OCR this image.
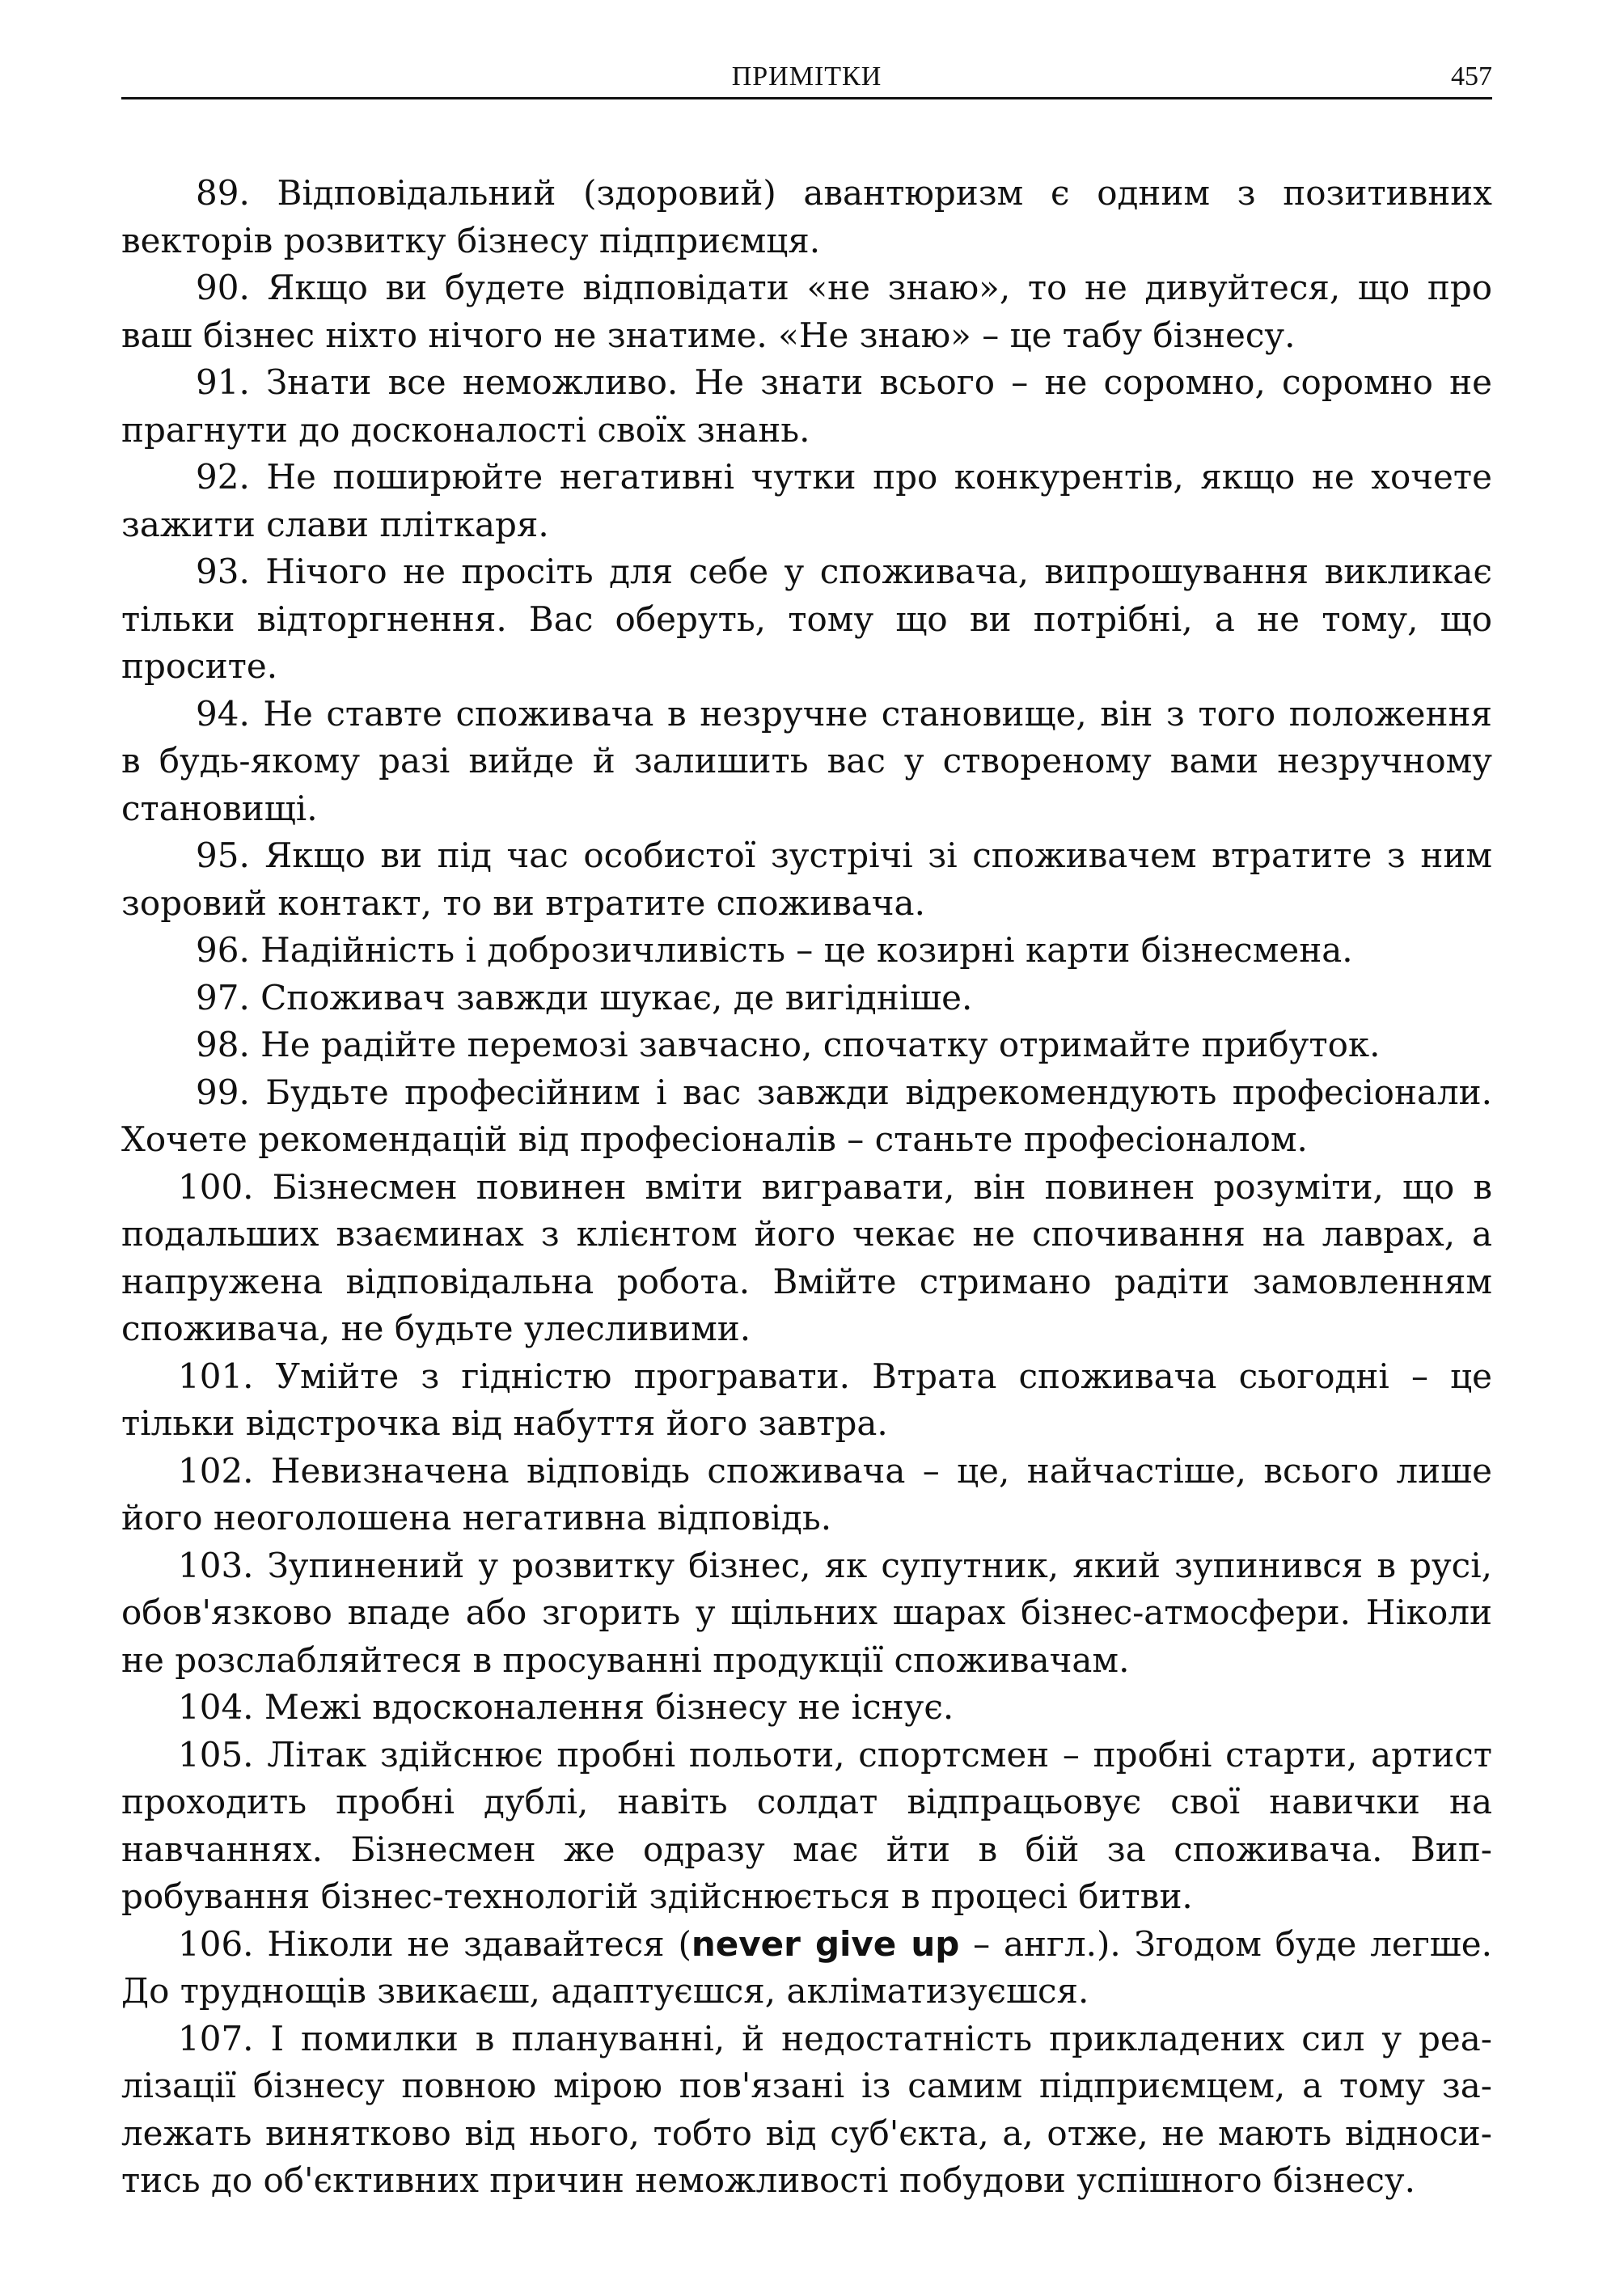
ПРИМІТКИ	457

89. Відповідальний (здоровий) авантюризм є одним з позитивних векторів розвитку бізнесу підприємця.

90. Якщо ви будете відповідати «не знаю», то не дивуйтеся, що про ваш бізнес ніхто нічого не знатиме. «Не знаю» – це табу бізнесу.

91. Знати все неможливо. Не знати всього – не соромно, соромно не прагнути до досконалості своїх знань.

92. Не поширюйте негативні чутки про конкурентів, якщо не хочете зажити слави пліткаря.

93. Нічого не просіть для себе у споживача, випрошування викликає тільки відторгнення. Вас оберуть, тому що ви потрібні, а не тому, що просите.

94. Не ставте споживача в незручне становище, він з того положення в будь-якому разі вийде й залишить вас у створеному вами незручному становищі.

95. Якщо ви під час особистої зустрічі зі споживачем втратите з ним зоровий контакт, то ви втратите споживача.

96. Надійність і доброзичливість – це козирні карти бізнесмена.

97. Споживач завжди шукає, де вигідніше.

98. Не радійте перемозі завчасно, спочатку отримайте прибуток.

99. Будьте професійним і вас завжди відрекомендують професіонали. Хочете рекомендацій від професіоналів – станьте професіоналом.

100. Бізнесмен повинен вміти вигравати, він повинен розуміти, що в подальших взаєминах з клієнтом його чекає не спочивання на лаврах, а напружена відповідальна робота. Вмійте стримано радіти замовленням споживача, не будьте улесливими.

101. Умійте з гідністю програвати. Втрата споживача сьогодні – це тільки відстрочка від набуття його завтра.

102. Невизначена відповідь споживача – це, найчастіше, всього лише його неоголошена негативна відповідь.

103. Зупинений у розвитку бізнес, як супутник, який зупинився в русі, обов'язково впаде або згорить у щільних шарах бізнес-атмосфери. Ніколи не розслабляйтеся в просуванні продукції споживачам.

104. Межі вдосконалення бізнесу не існує.

105. Літак здійснює пробні польоти, спортсмен – пробні старти, артист проходить пробні дублі, навіть солдат відпрацьовує свої навички на навчаннях. Бізнесмен же одразу має йти в бій за споживача. Випробування бізнес-технологій здійснюється в процесі битви.

106. Ніколи не здавайтеся (never give up – англ.). Згодом буде легше. До труднощів звикаєш, адаптуєшся, акліматизуєшся.

107. І помилки в плануванні, й недостатність прикладених сил у реалізації бізнесу повною мірою пов'язані із самим підприємцем, а тому залежать винятково від нього, тобто від суб'єкта, а, отже, не мають відноситись до об'єктивних причин неможливості побудови успішного бізнесу.
